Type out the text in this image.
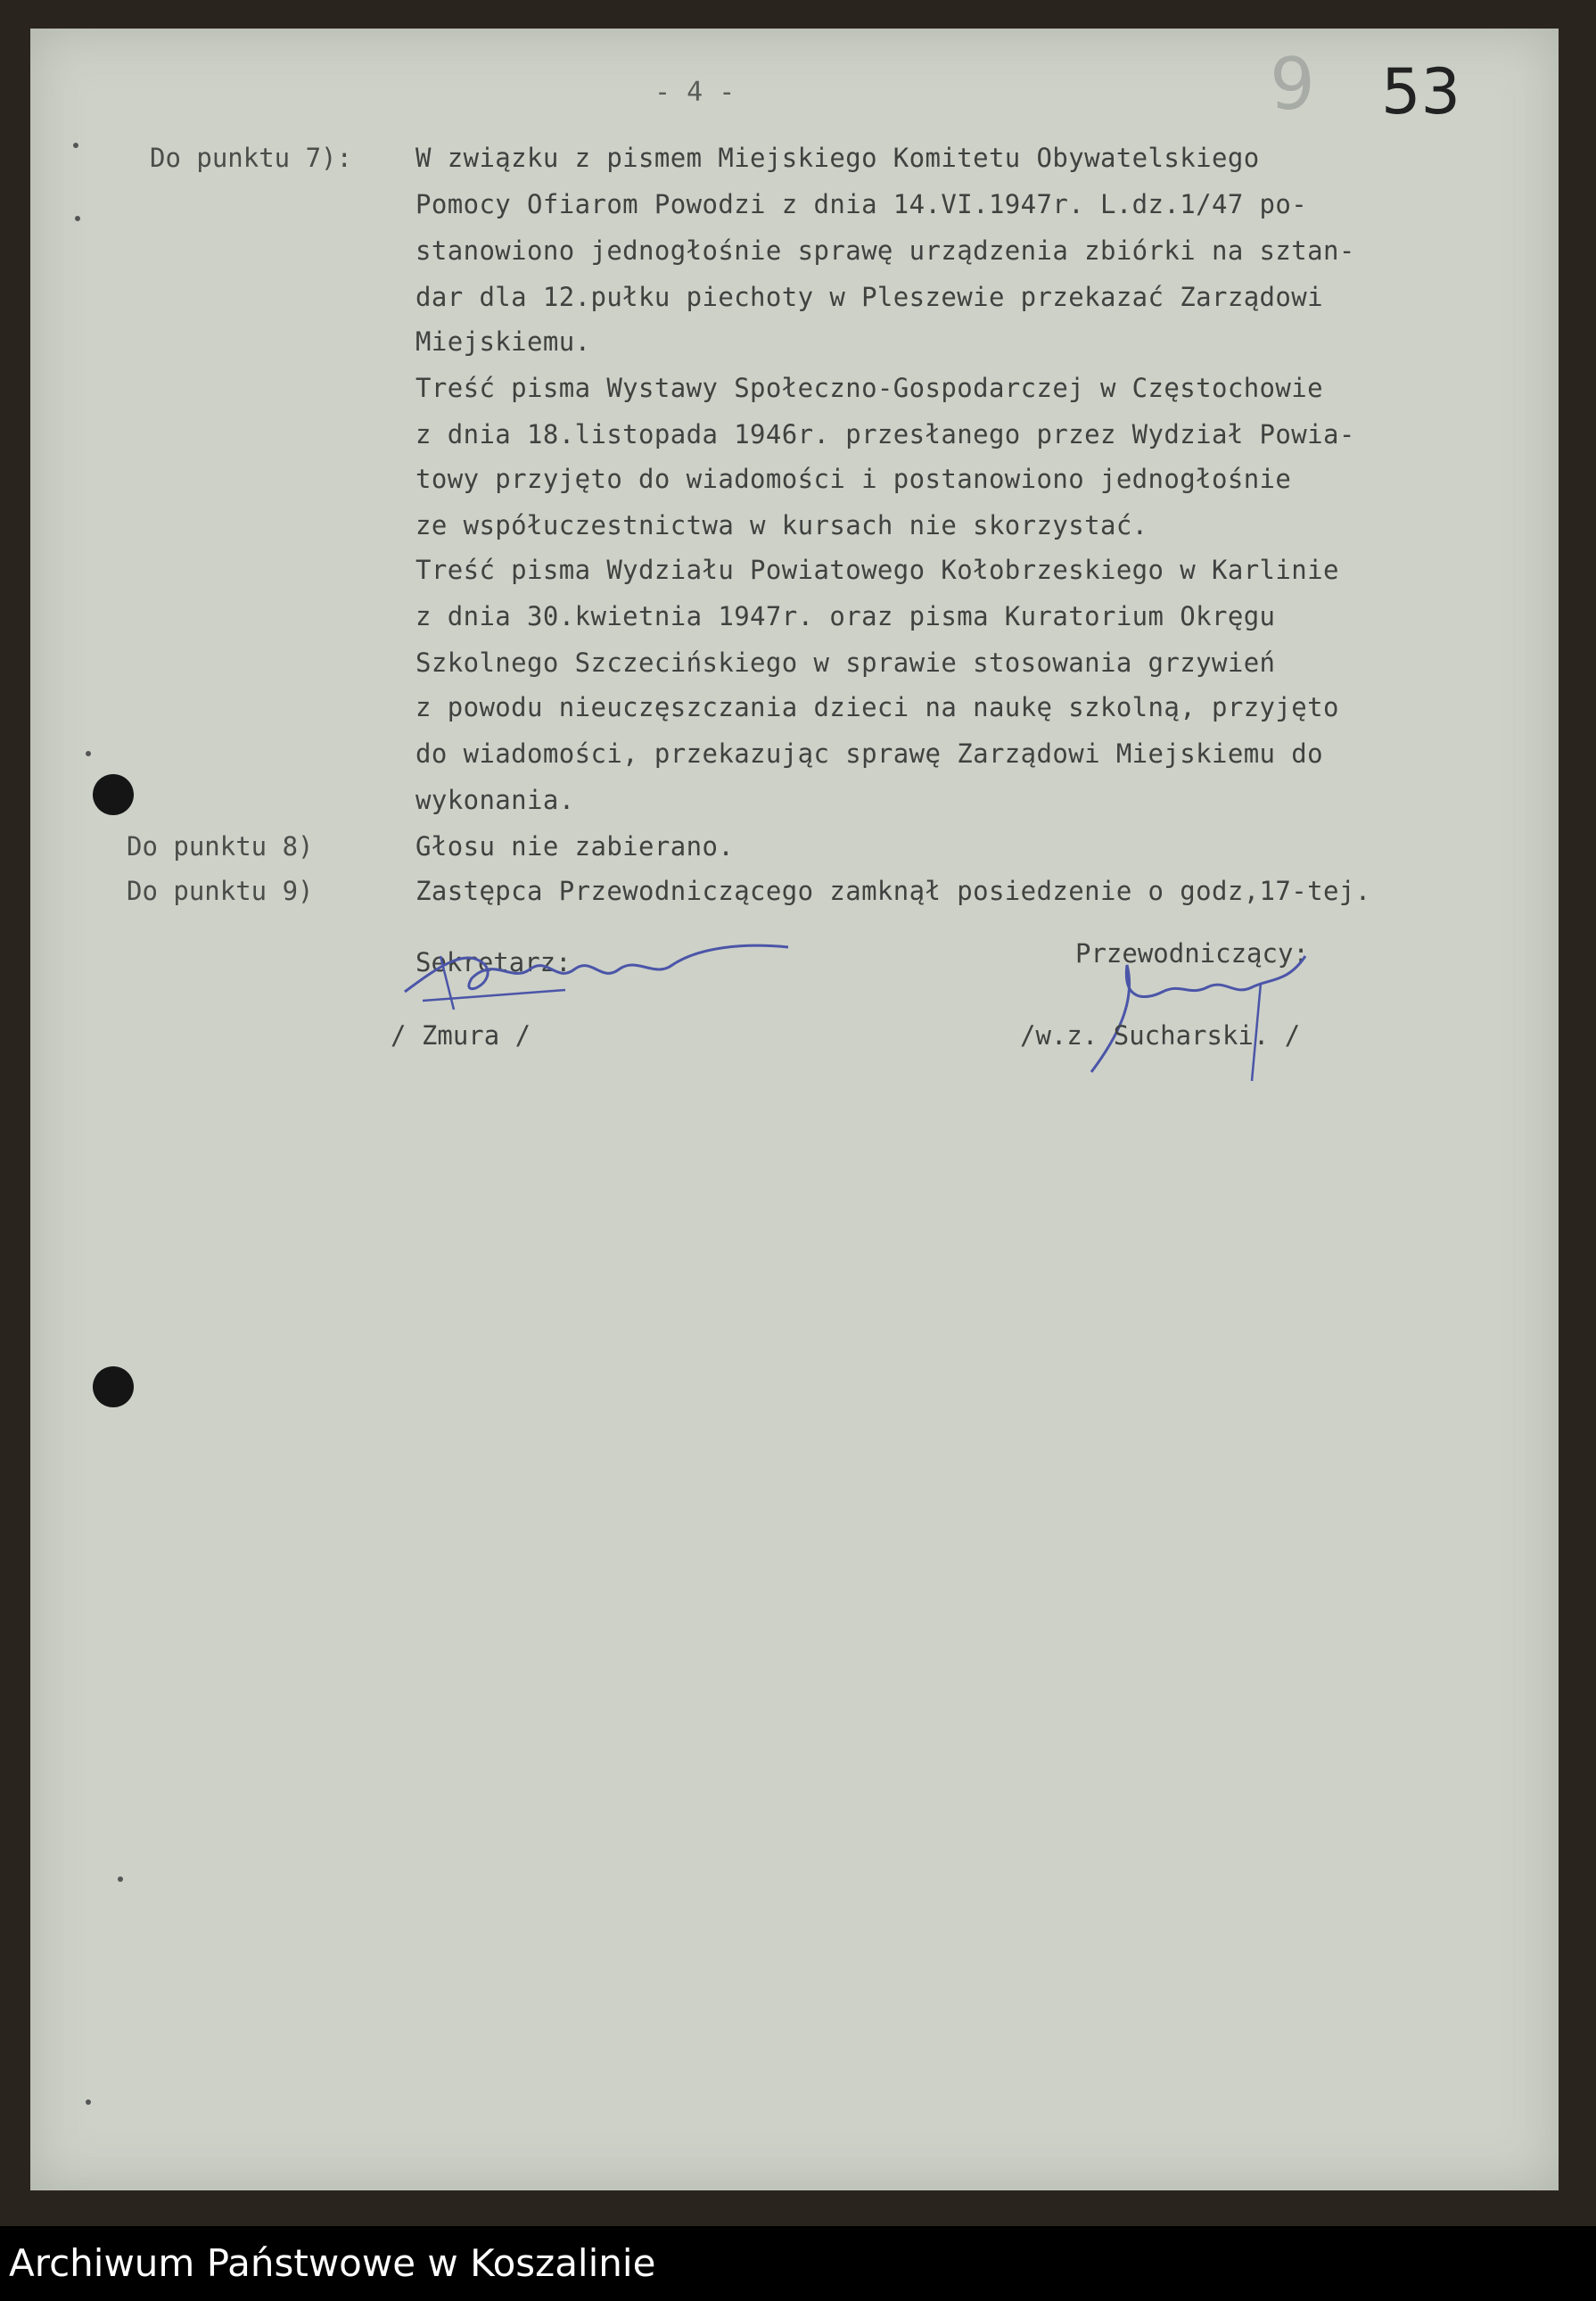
- 4 -	9 53
Do punktu 7): W związku z pismem Miejskiego Komitetu Obywatelskiego
Pomocy Ofiarom Powodzi z dnia 14.VI.1947r. L.dz.1/47 po-
stanowiono jednogłośnie sprawę urządzenia zbiórki na sztan-
dar dla 12.pułku piechoty w Pleszewie przekazać Zarządowi
Miejskiemu.
Treść pisma Wystawy Społeczno-Gospodarczej w Częstochowie
z dnia 18.listopada 1946r. przesłanego przez Wydział Powia-
towy przyjęto do wiadomości i postanowiono jednogłośnie
ze współuczestnictwa w kursach nie skorzystać.
Treść pisma Wydziału Powiatowego Kołobrzeskiego w Karlinie
z dnia 30.kwietnia 1947r. oraz pisma Kuratorium Okręgu
Szkolnego Szczecińskiego w sprawie stosowania grzywień
z powodu nieuczęszczania dzieci na naukę szkolną, przyjęto
do wiadomości, przekazując sprawę Zarządowi Miejskiemu do
wykonania.
Do punktu 8)	Głosu nie zabierano.
Do punktu 9)	Zastępca Przewodniczącego zamknął posiedzenie o godz,17-tej.
Sekretarz:
/ Zmura /
Przewodniczący:
/w.z. Sucharski. /
Archiwum Państwowe w Koszalinie
